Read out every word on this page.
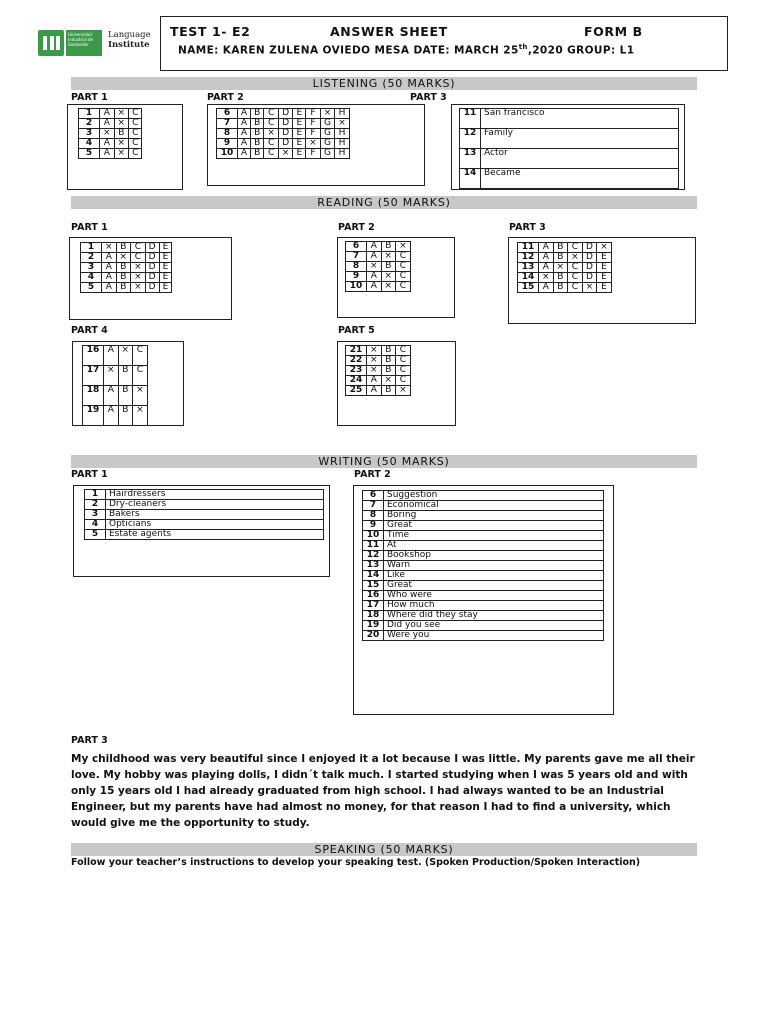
Universidad Industrial de Santander
Language
Institute
TEST 1- E2	ANSWER SHEET	FORM B
NAME: KAREN ZULENA OVIEDO MESA DATE: MARCH 25th,2020 GROUP: L1
LISTENING (50 MARKS)
PART 1	PART 2	PART 3
1	A	×	C
2	A	×	C
3	×	B	C
4	A	×	C
5	A	×	C
6	A	B	C	D	E	F	×	H
7	A	B	C	D	E	F	G	×
8	A	B	×	D	E	F	G	H
9	A	B	C	D	E	×	G	H
10	A	B	C	×	E	F	G	H
11	San francisco
12	Family
13	Actor
14	Became
READING (50 MARKS)
PART 1	PART 2	PART 3
1	×	B	C	D	E
2	A	×	C	D	E
3	A	B	×	D	E
4	A	B	×	D	E
5	A	B	×	D	E
6	A	B	×
7	A	×	C
8	×	B	C
9	A	×	C
10	A	×	C
11	A	B	C	D	×
12	A	B	×	D	E
13	A	×	C	D	E
14	×	B	C	D	E
15	A	B	C	×	E
PART 4	PART 5
16	A	×	C
17	×	B	C
18	A	B	×
19	A	B	×
21	×	B	C
22	×	B	C
23	×	B	C
24	A	×	C
25	A	B	×
WRITING (50 MARKS)
PART 1	PART 2
1	Hairdressers
2	Dry-cleaners
3	Bakers
4	Opticians
5	Estate agents
6	Suggestion
7	Economical
8	Boring
9	Great
10	Time
11	At
12	Bookshop
13	Warn
14	Like
15	Great
16	Who were
17	How much
18	Where did they stay
19	Did you see
20	Were you
PART 3
My childhood was very beautiful since I enjoyed it a lot because I was little. My parents gave me all their love. My hobby was playing dolls, I didn´t talk much. I started studying when I was 5 years old and with only 15 years old I had already graduated from high school. I had always wanted to be an Industrial Engineer, but my parents have had almost no money, for that reason I had to find a university, which would give me the opportunity to study.
SPEAKING (50 MARKS)
Follow your teacher’s instructions to develop your speaking test. (Spoken Production/Spoken Interaction)
